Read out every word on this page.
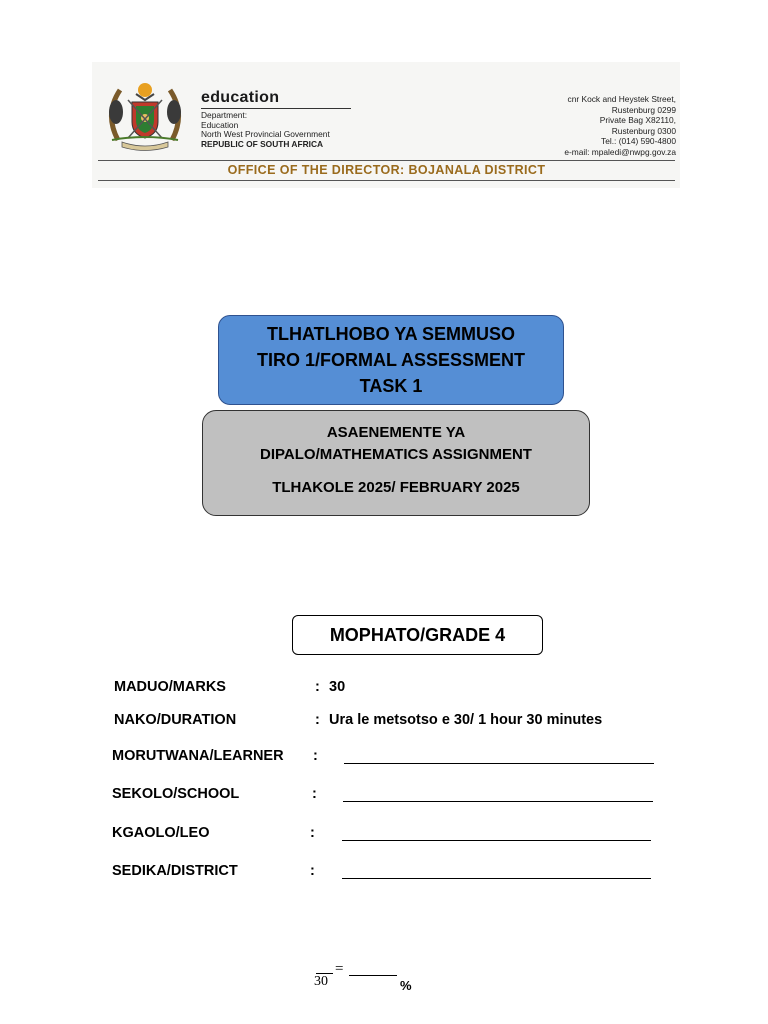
education
Department:
Education
North West Provincial Government
REPUBLIC OF SOUTH AFRICA
cnr Kock and Heystek Street,
Rustenburg 0299
Private Bag X82110,
Rustenburg 0300
Tel.: (014) 590-4800
e-mail: mpaledi@nwpg.gov.za
OFFICE OF THE DIRECTOR: BOJANALA DISTRICT
TLHATLHOBO YA SEMMUSO
TIRO 1/FORMAL ASSESSMENT
TASK 1
ASAENEMENTE YA
DIPALO/MATHEMATICS ASSIGNMENT
TLHAKOLE 2025/ FEBRUARY 2025
MOPHATO/GRADE 4
MADUO/MARKS	: 30
NAKO/DURATION	: Ura le metsotso e 30/ 1 hour 30 minutes
MORUTWANA/LEARNER :
SEKOLO/SCHOOL	:
KGAOLO/LEO	:
SEDIKA/DISTRICT	:
=
30	%
